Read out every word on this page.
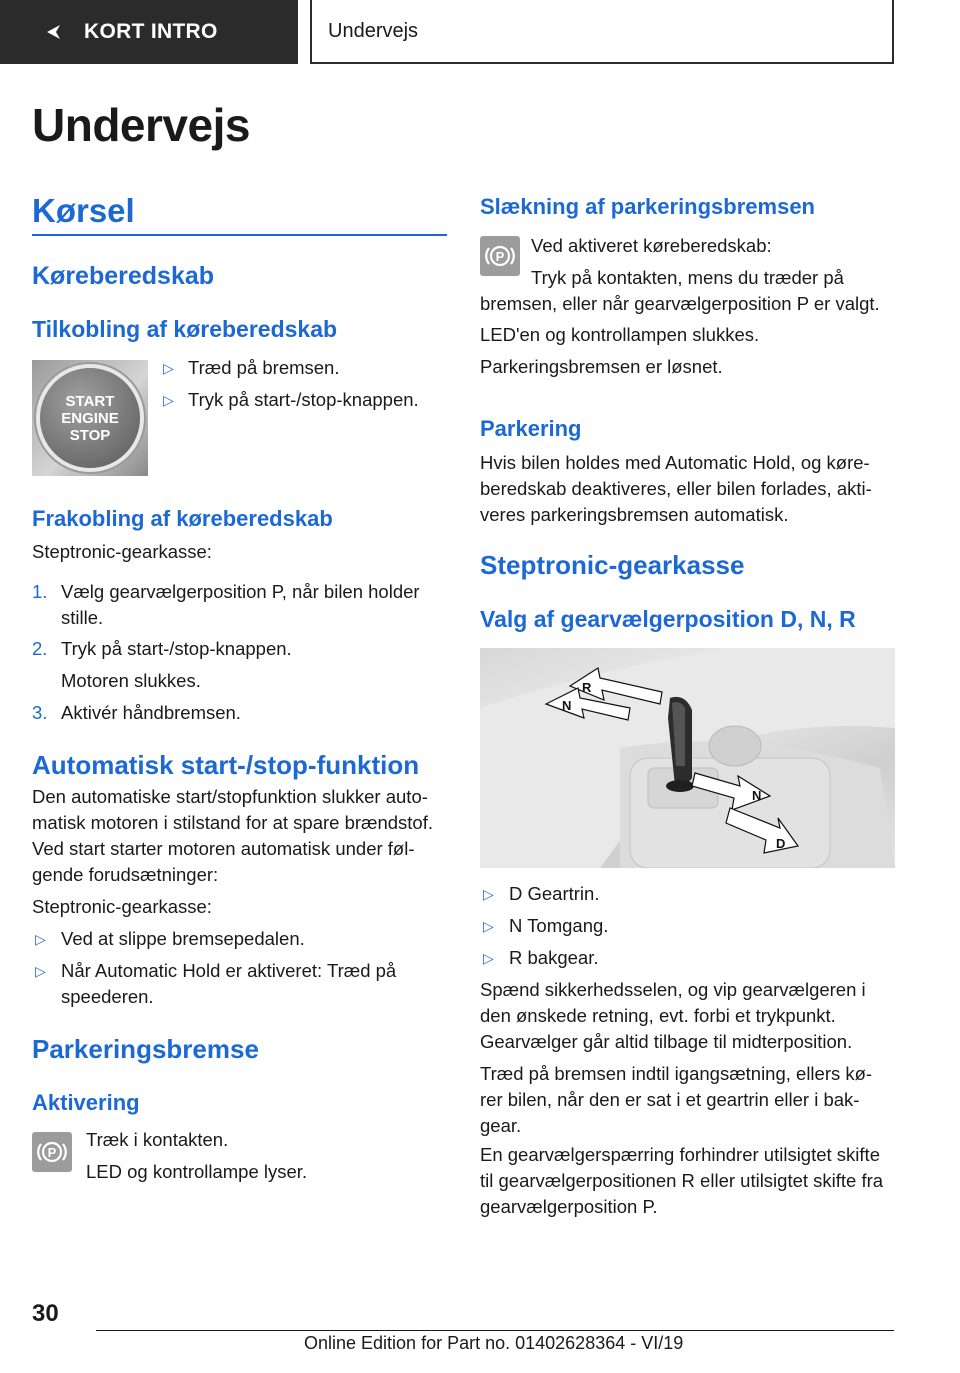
KORT INTRO	Undervejs
Undervejs
Kørsel
Køreberedskab
Tilkobling af køreberedskab
START
ENGINE
STOP
▷ Træd på bremsen.

▷ Tryk på start-/stop-knappen.

Frakobling af køreberedskab

Steptronic-gearkasse:

1. Vælg gearvælgerposition P, når bilen holder

stille.

2. Tryk på start-/stop-knappen.

Motoren slukkes.

3. Aktivér håndbremsen.

Automatisk start-/stop-funktion

Den automatiske start/stopfunktion slukker auto-

matisk motoren i stilstand for at spare brændstof.

Ved start starter motoren automatisk under føl-

gende forudsætninger:

Steptronic-gearkasse:

▷ Ved at slippe bremsepedalen.

▷ Når Automatic Hold er aktiveret: Træd på

speederen.

Parkeringsbremse
Aktivering
P

Træk i kontakten.

LED og kontrollampe lyser.

Slækning af parkeringsbremsen
P

Ved aktiveret køreberedskab:

Tryk på kontakten, mens du træder på

bremsen, eller når gearvælgerposition P er valgt.

LED'en og kontrollampen slukkes.

Parkeringsbremsen er løsnet.

Parkering

Hvis bilen holdes med Automatic Hold, og køre-

beredskab deaktiveres, eller bilen forlades, akti-

veres parkeringsbremsen automatisk.

Steptronic-gearkasse
Valg af gearvælgerposition D, N, R
R
N
N
D
▷ D Geartrin.

▷ N Tomgang.

▷ R bakgear.

Spænd sikkerhedsselen, og vip gearvælgeren i

den ønskede retning, evt. forbi et trykpunkt.

Gearvælger går altid tilbage til midterposition.

Træd på bremsen indtil igangsætning, ellers kø-

rer bilen, når den er sat i et geartrin eller i bak-

gear.

En gearvælgerspærring forhindrer utilsigtet skifte

til gearvælgerpositionen R eller utilsigtet skifte fra

gearvælgerposition P.

30
Online Edition for Part no. 01402628364 - VI/19
